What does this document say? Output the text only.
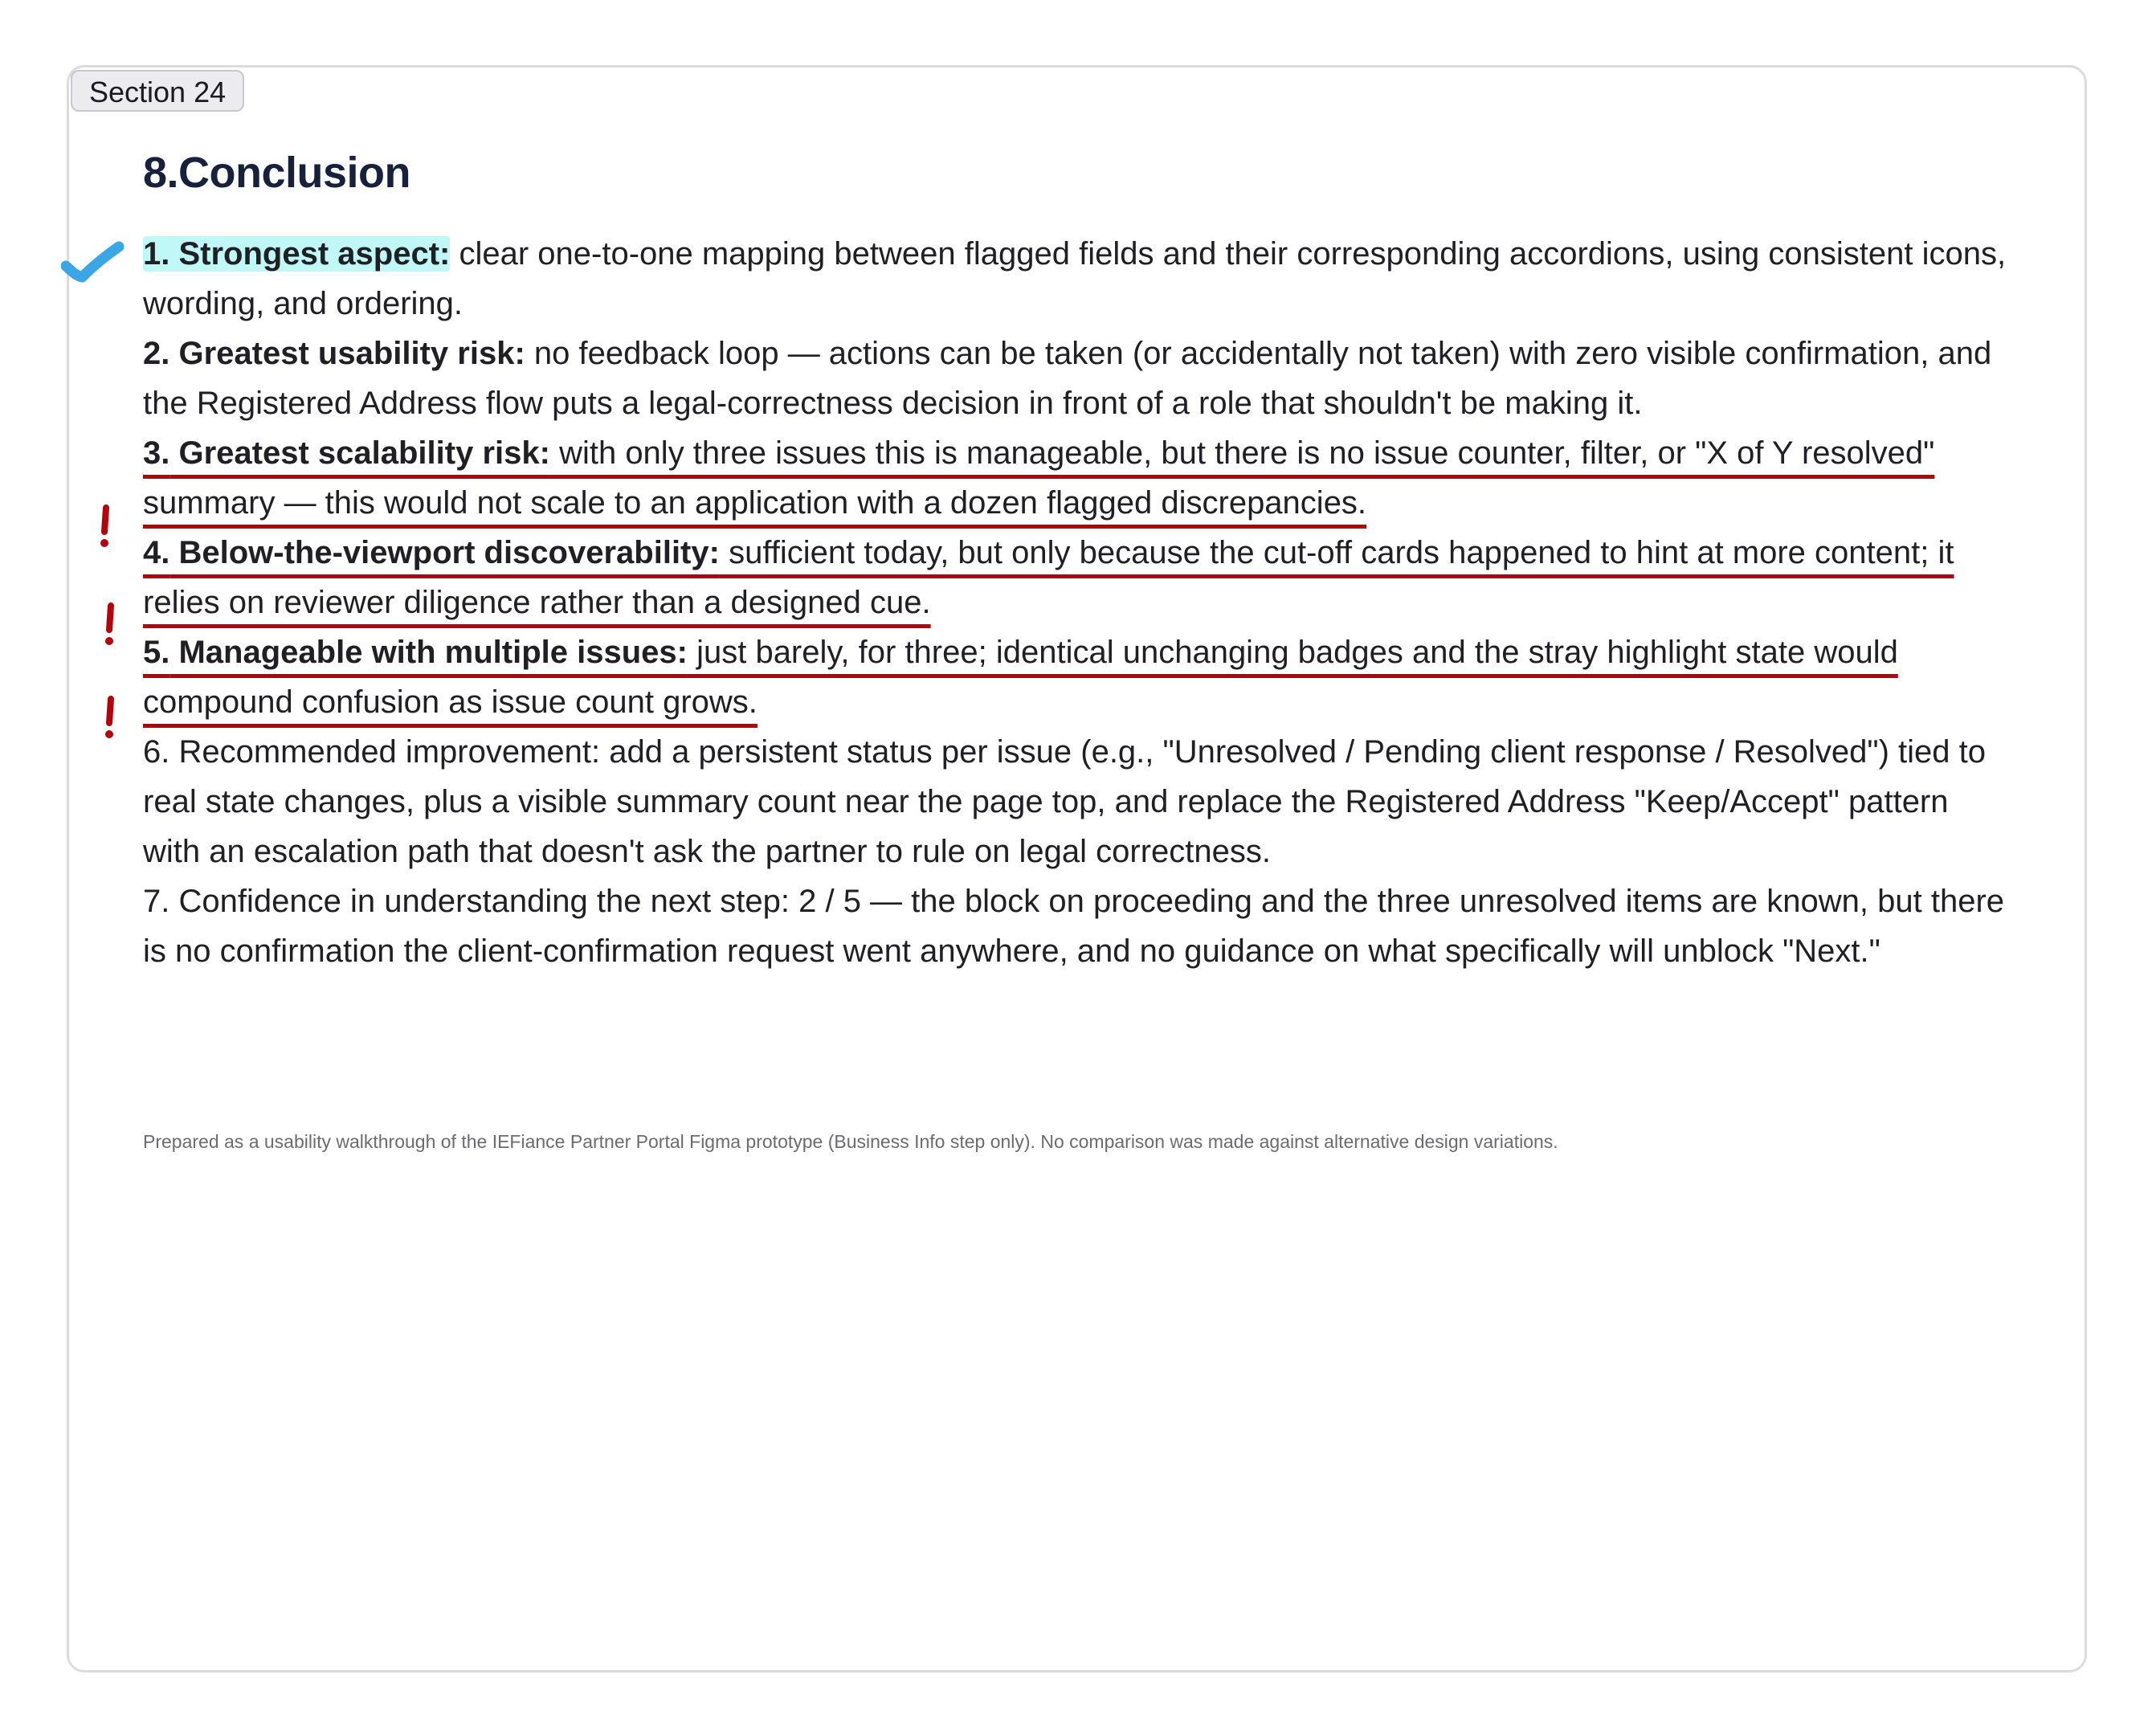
Section 24
8.Conclusion
1. Strongest aspect: clear one-to-one mapping between flagged fields and their corresponding accordions, using consistent icons, wording, and ordering.
2. Greatest usability risk: no feedback loop — actions can be taken (or accidentally not taken) with zero visible confirmation, and the Registered Address flow puts a legal-correctness decision in front of a role that shouldn't be making it.
3. Greatest scalability risk: with only three issues this is manageable, but there is no issue counter, filter, or "X of Y resolved" summary — this would not scale to an application with a dozen flagged discrepancies.
4. Below-the-viewport discoverability: sufficient today, but only because the cut-off cards happened to hint at more content; it relies on reviewer diligence rather than a designed cue.
5. Manageable with multiple issues: just barely, for three; identical unchanging badges and the stray highlight state would compound confusion as issue count grows.
6. Recommended improvement: add a persistent status per issue (e.g., "Unresolved / Pending client response / Resolved") tied to real state changes, plus a visible summary count near the page top, and replace the Registered Address "Keep/Accept" pattern with an escalation path that doesn't ask the partner to rule on legal correctness.
7. Confidence in understanding the next step: 2 / 5 — the block on proceeding and the three unresolved items are known, but there is no confirmation the client-confirmation request went anywhere, and no guidance on what specifically will unblock "Next."
Prepared as a usability walkthrough of the IEFiance Partner Portal Figma prototype (Business Info step only). No comparison was made against alternative design variations.
